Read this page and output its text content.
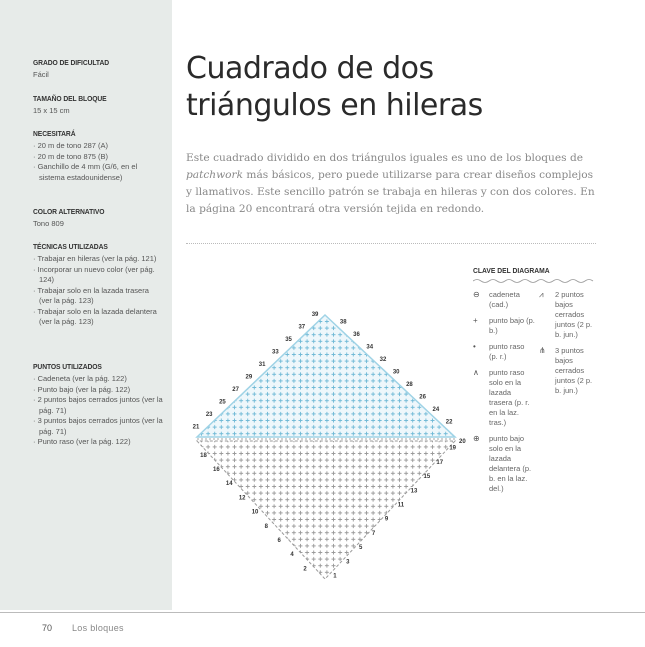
GRADO DE DIFICULTAD

Fácil

TAMAÑO DEL BLOQUE

15 x 15 cm

NECESITARÁ
· 20 m de tono 287 (A)
· 20 m de tono 875 (B)
· Ganchillo de 4 mm (G/6, en el sistema estadounidense)
COLOR ALTERNATIVO

Tono 809

TÉCNICAS UTILIZADAS
· Trabajar en hileras (ver la pág. 121)
· Incorporar un nuevo color (ver pág. 124)
· Trabajar solo en la lazada trasera (ver la pág. 123)
· Trabajar solo en la lazada delantera (ver la pág. 123)
PUNTOS UTILIZADOS
· Cadeneta (ver la pág. 122)
· Punto bajo (ver la pág. 122)
· 2 puntos bajos cerrados juntos (ver la pág. 71)
· 3 puntos bajos cerrados juntos (ver la pág. 71)
· Punto raso (ver la pág. 122)
Cuadrado de dos
triángulos en hileras

Este cuadrado dividido en dos triángulos iguales es uno de los bloques de patchwork más básicos, pero puede utilizarse para crear diseños complejos y llamativos. Este sencillo patrón se trabaja en hileras y con dos colores. En la página 20 encontrará otra versión tejida en redondo.

CLAVE DEL DIAGRAMA
⊖	cadeneta (cad.)
+	punto bajo (p. b.)
•	punto raso (p. r.)
∧	punto raso solo en la lazada trasera (p. r. en la laz. tras.)
⊕	punto bajo solo en la lazada delantera (p. b. en la laz. del.)
⩘	2 puntos bajos cerrados juntos (2 p. b. jun.)
⋔	3 puntos bajos cerrados juntos (2 p. b. jun.)
2
4
6
8
10
12
14
16
18
1
3
5
7
9
11
13
15
17
19
21
23
25
27
29
31
33
35
37
39
20
22
24
26
28
30
32
34
36
38
70 Los bloques
